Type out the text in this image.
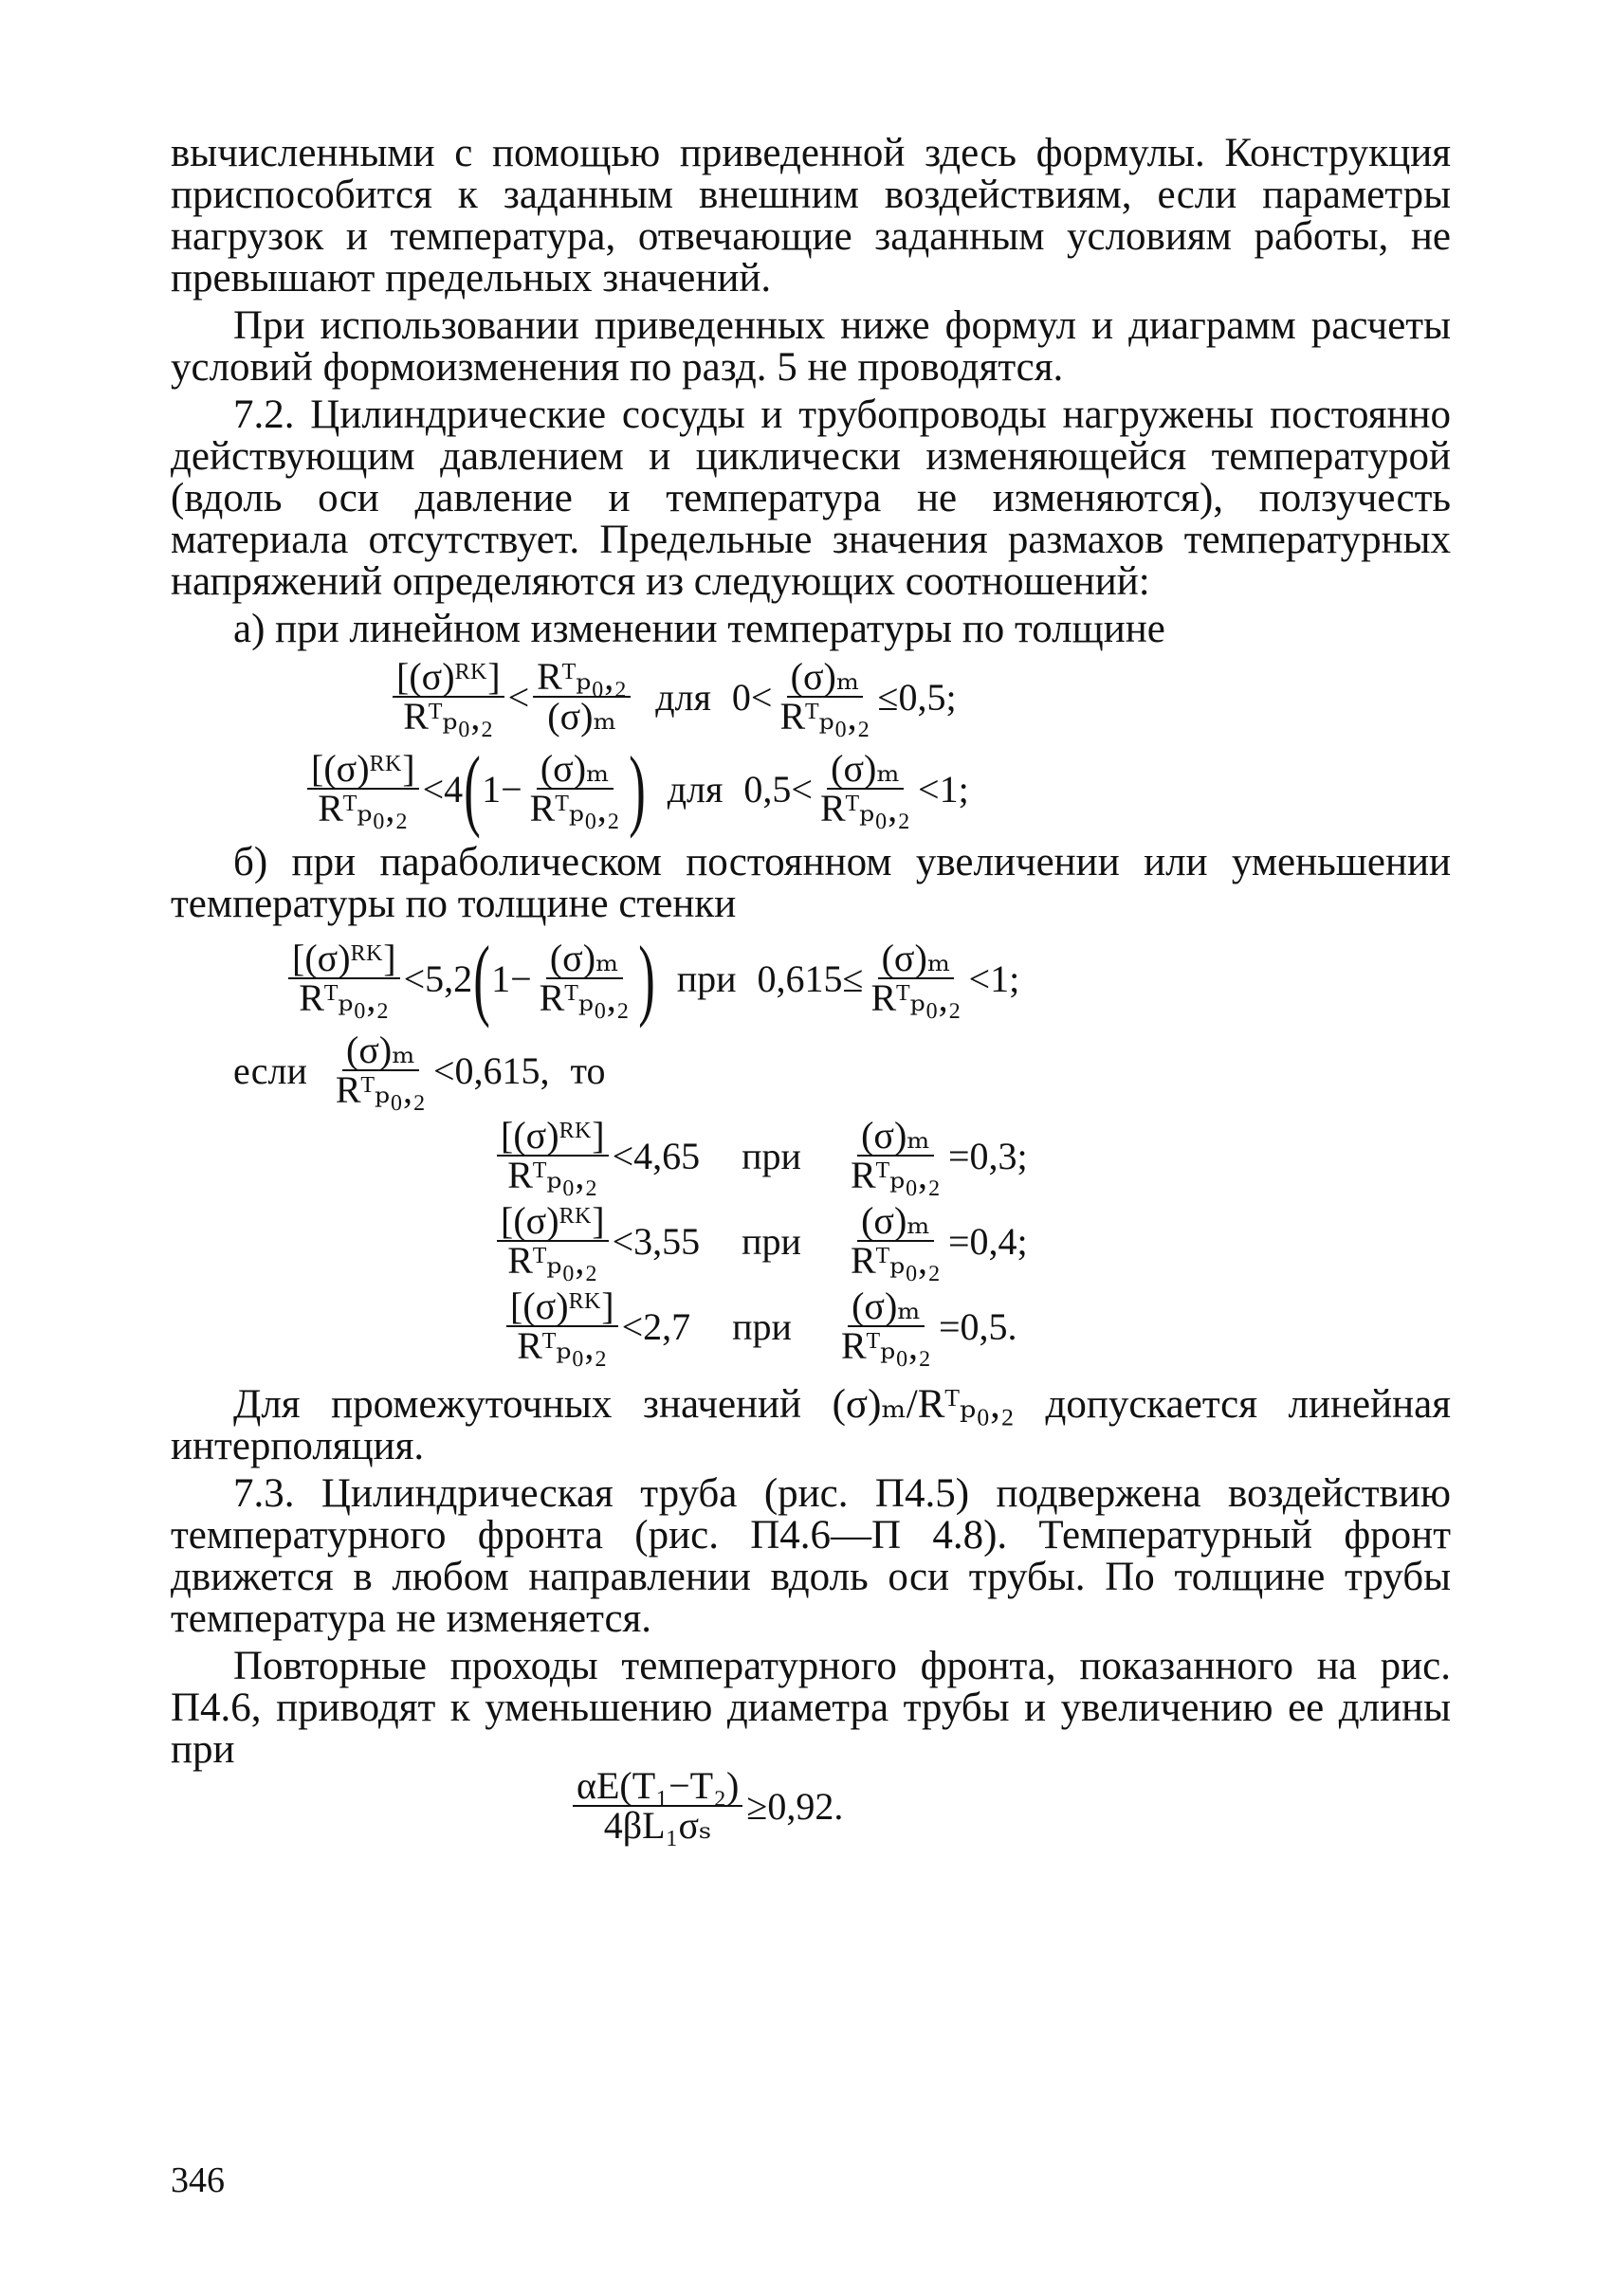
вычисленными с помощью приведенной здесь формулы. Конструкция приспособится к заданным внешним воздействиям, если параметры нагрузок и температура, отвечающие заданным условиям работы, не превышают предельных значений.

При использовании приведенных ниже формул и диаграмм расчеты условий формоизменения по разд. 5 не проводятся.

7.2. Цилиндрические сосуды и трубопроводы нагружены постоянно действующим давлением и циклически изменяющейся температурой (вдоль оси давление и температура не изменяются), ползучесть материала отсутствует. Предельные значения размахов температурных напряжений определяются из следующих соотношений:

а) при линейном изменении температуры по толщине

$\frac{\text{[(σ)ᴿᴷ]}}{\text{Rᵀₚ₀,₂}} < \frac{\text{Rᵀₚ₀,₂}}{\text{(σ)ₘ}}$ для $0< \frac{\text{(σ)ₘ}}{\text{Rᵀₚ₀,₂}} \le 0,5$;
$\frac{\text{[(σ)ᴿᴷ]}}{\text{Rᵀₚ₀,₂}} <4$ ( $1 - \frac{\text{(σ)ₘ}}{\text{Rᵀₚ₀,₂}}$ ) для $0,5< \frac{\text{(σ)ₘ}}{\text{Rᵀₚ₀,₂}} <1$;

б) при параболическом постоянном увеличении или уменьшении температуры по толщине стенки

$\frac{\text{[(σ)ᴿᴷ]}}{\text{Rᵀₚ₀,₂}} <5,2$ ( $1 - \frac{\text{(σ)ₘ}}{\text{Rᵀₚ₀,₂}}$ ) при $0,615\le \frac{\text{(σ)ₘ}}{\text{Rᵀₚ₀,₂}} <1$;
если $\frac{\text{(σ)ₘ}}{\text{Rᵀₚ₀,₂}} <0,615$, то
$\frac{\text{[(σ)ᴿᴷ]}}{\text{Rᵀₚ₀,₂}} <4,65$ при $\frac{\text{(σ)ₘ}}{\text{Rᵀₚ₀,₂}} =0,3$;
$\frac{\text{[(σ)ᴿᴷ]}}{\text{Rᵀₚ₀,₂}} <3,55$ при $\frac{\text{(σ)ₘ}}{\text{Rᵀₚ₀,₂}} =0,4$;
$\frac{\text{[(σ)ᴿᴷ]}}{\text{Rᵀₚ₀,₂}} <2,7$ при $\frac{\text{(σ)ₘ}}{\text{Rᵀₚ₀,₂}} =0,5$.

Для промежуточных значений (σ)ₘ/Rᵀₚ₀,₂ допускается линейная интерполяция.

7.3. Цилиндрическая труба (рис. П4.5) подвержена воздействию температурного фронта (рис. П4.6—П 4.8). Температурный фронт движется в любом направлении вдоль оси трубы. По толщине трубы температура не изменяется.

Повторные проходы температурного фронта, показанного на рис. П4.6, приводят к уменьшению диаметра трубы и увеличению ее длины при

$\frac{\text{αE(T₁−T₂)}}{\text{4βL₁σₛ}} \ge 0,92$.
346
